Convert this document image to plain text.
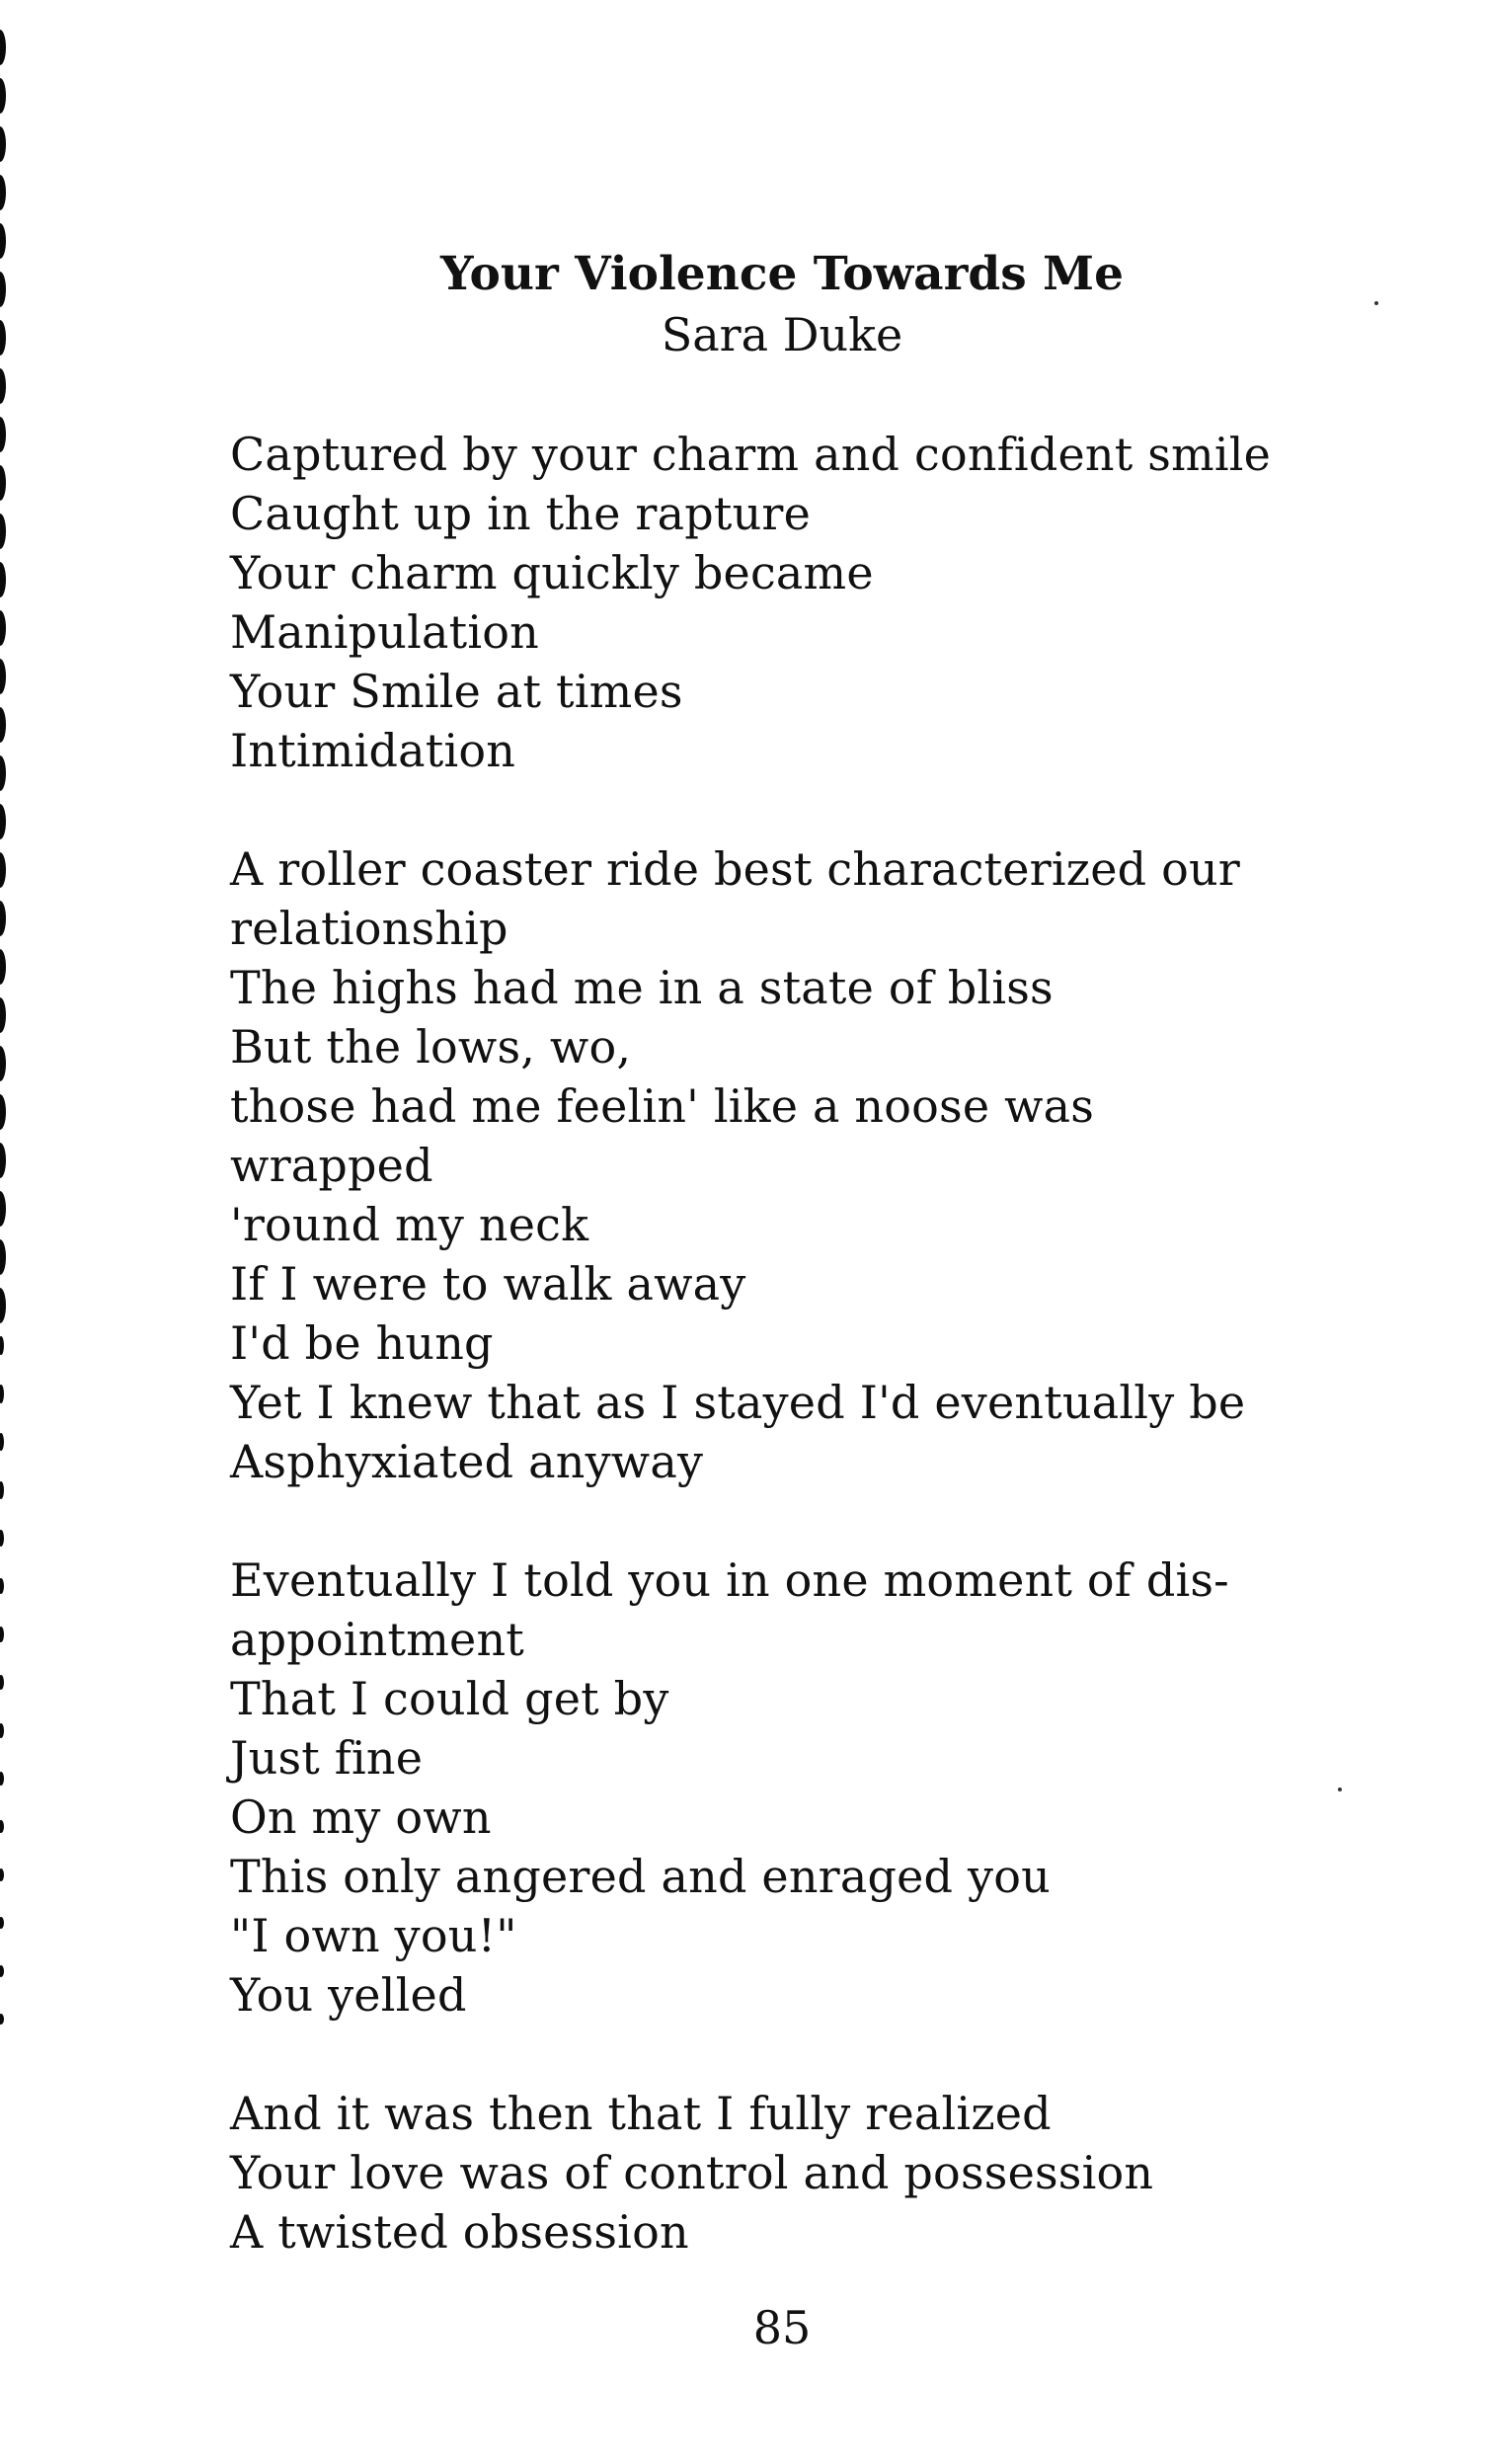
Your Violence Towards Me
Sara Duke
Captured by your charm and confident smile
Caught up in the rapture
Your charm quickly became
Manipulation
Your Smile at times
Intimidation
A roller coaster ride best characterized our
relationship
The highs had me in a state of bliss
But the lows, wo,
those had me feelin' like a noose was
wrapped
'round my neck
If I were to walk away
I'd be hung
Yet I knew that as I stayed I'd eventually be
Asphyxiated anyway
Eventually I told you in one moment of dis-
appointment
That I could get by
Just fine
On my own
This only angered and enraged you
"I own you!"
You yelled
And it was then that I fully realized
Your love was of control and possession
A twisted obsession
85
